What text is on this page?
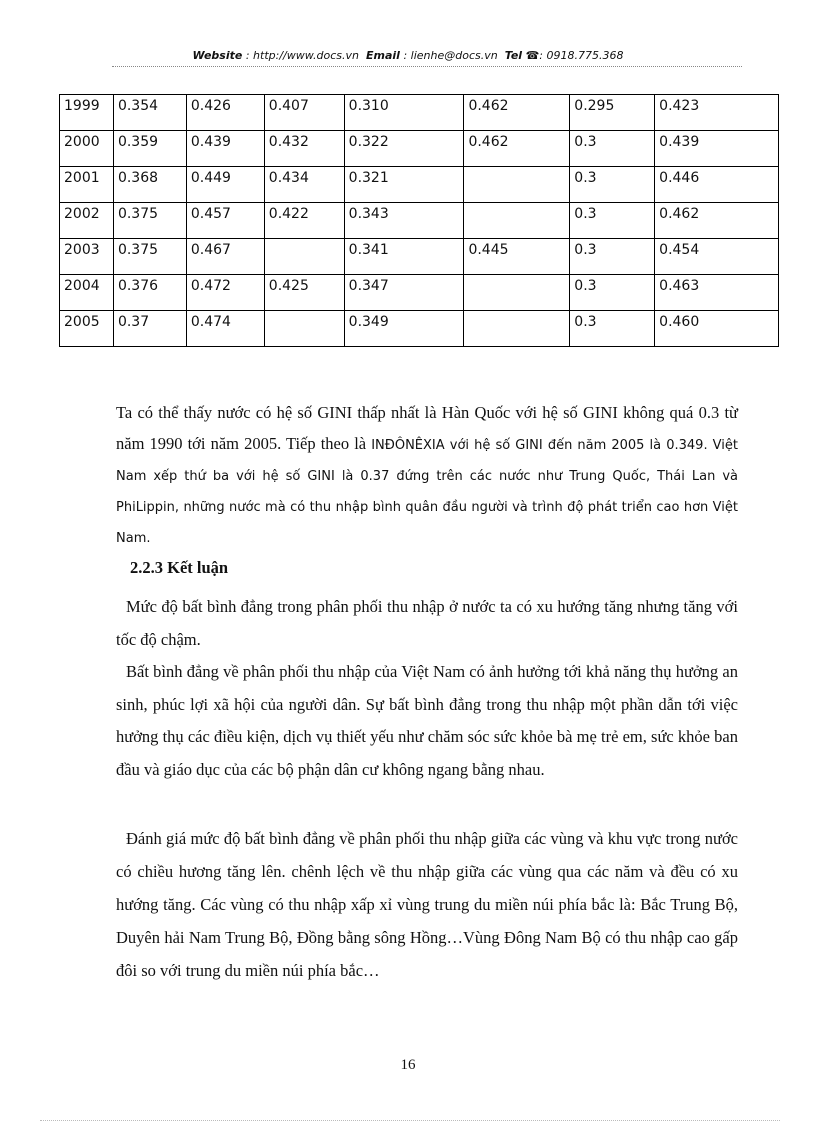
Website : http://www.docs.vn Email : lienhe@docs.vn Tel ☎: 0918.775.368
1999	0.354	0.426	0.407	0.310	0.462	0.295	0.423
2000	0.359	0.439	0.432	0.322	0.462	0.3	0.439
2001	0.368	0.449	0.434	0.321		0.3	0.446
2002	0.375	0.457	0.422	0.343		0.3	0.462
2003	0.375	0.467		0.341	0.445	0.3	0.454
2004	0.376	0.472	0.425	0.347		0.3	0.463
2005	0.37	0.474		0.349		0.3	0.460

Ta có thể thấy nước có hệ số GINI thấp nhất là Hàn Quốc với hệ số GINI không quá 0.3 từ năm 1990 tới năm 2005. Tiếp theo là INĐÔNÊXIA với hệ số GINI đến năm 2005 là 0.349. Việt Nam xếp thứ ba với hệ số GINI là 0.37 đứng trên các nước như Trung Quốc, Thái Lan và PhiLippin, những nước mà có thu nhập bình quân đầu người và trình độ phát triển cao hơn Việt Nam.

2.2.3 Kết luận

Mức độ bất bình đẳng trong phân phối thu nhập ở nước ta có xu hướng tăng nhưng tăng với tốc độ chậm.

Bất bình đẳng về phân phối thu nhập của Việt Nam có ảnh hưởng tới khả năng thụ hưởng an sinh, phúc lợi xã hội của người dân. Sự bất bình đẳng trong thu nhập một phần dẫn tới việc hưởng thụ các điều kiện, dịch vụ thiết yếu như chăm sóc sức khỏe bà mẹ trẻ em, sức khỏe ban đầu và giáo dục của các bộ phận dân cư không ngang bằng nhau.

Đánh giá mức độ bất bình đẳng về phân phối thu nhập giữa các vùng và khu vực trong nước có chiều hương tăng lên. chênh lệch về thu nhập giữa các vùng qua các năm và đều có xu hướng tăng. Các vùng có thu nhập xấp xỉ vùng trung du miền núi phía bắc là: Bắc Trung Bộ, Duyên hải Nam Trung Bộ, Đồng bằng sông Hồng…Vùng Đông Nam Bộ có thu nhập cao gấp đôi so với trung du miền núi phía bắc…

16
